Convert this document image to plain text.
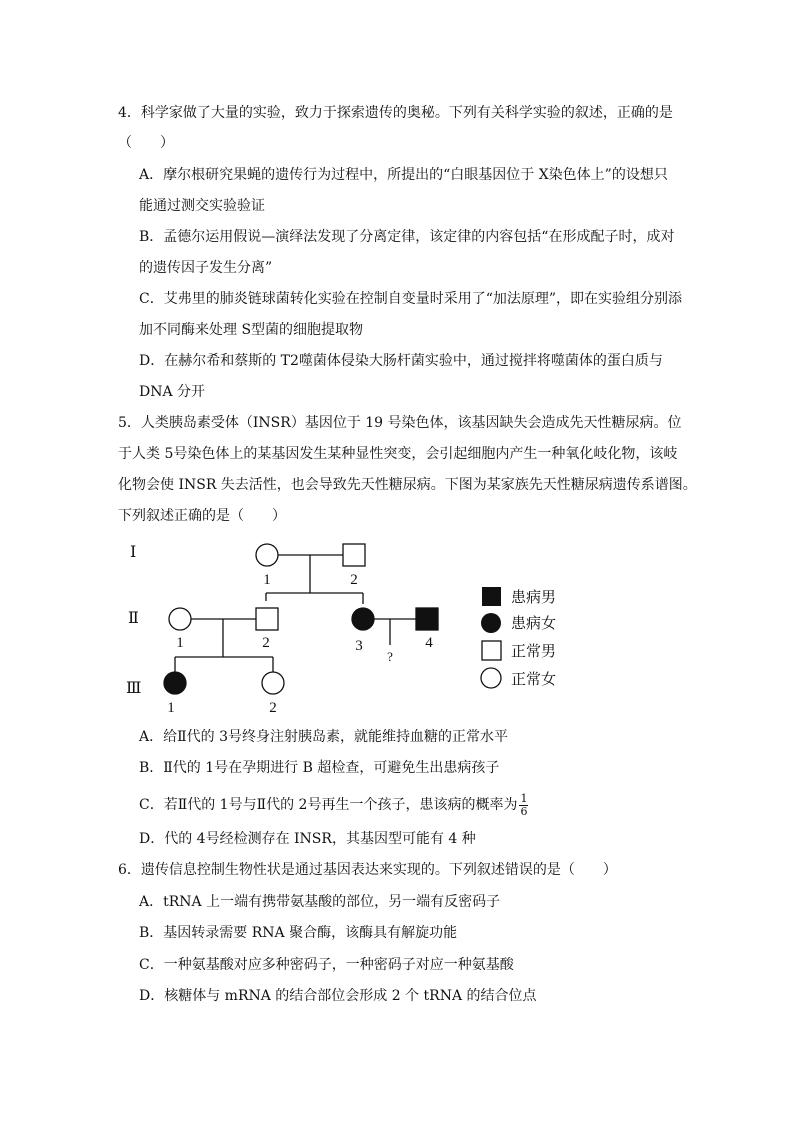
4．科学家做了大量的实验，致力于探索遗传的奥秘。下列有关科学实验的叙述，正确的是
（　　）
A．摩尔根研究果蝇的遗传行为过程中，所提出的“白眼基因位于 X染色体上”的设想只
能通过测交实验验证
B．孟德尔运用假说—演绎法发现了分离定律，该定律的内容包括“在形成配子时，成对
的遗传因子发生分离”
C．艾弗里的肺炎链球菌转化实验在控制自变量时采用了“加法原理”，即在实验组分别添
加不同酶来处理 S型菌的细胞提取物
D．在赫尔希和蔡斯的 T2噬菌体侵染大肠杆菌实验中，通过搅拌将噬菌体的蛋白质与
DNA 分开
5．人类胰岛素受体（INSR）基因位于 19 号染色体，该基因缺失会造成先天性糖尿病。位
于人类 5号染色体上的某基因发生某种显性突变，会引起细胞内产生一种氧化岐化物，该岐
化物会使 INSR 失去活性，也会导致先天性糖尿病。下图为某家族先天性糖尿病遗传系谱图。
下列叙述正确的是（　　）
Ⅰ
Ⅱ
Ⅲ
1	2
1	2	3	4
1	2
?
患病男
患病女
正常男
正常女
A．给Ⅱ代的 3号终身注射胰岛素，就能维持血糖的正常水平
B．Ⅱ代的 1号在孕期进行 B 超检查，可避免生出患病孩子
C．若Ⅱ代的 1号与Ⅱ代的 2号再生一个孩子，患该病的概率为 $\frac{1}{6}$
D．代的 4号经检测存在 INSR，其基因型可能有 4 种
6．遗传信息控制生物性状是通过基因表达来实现的。下列叙述错误的是（　　）
A．tRNA 上一端有携带氨基酸的部位，另一端有反密码子
B．基因转录需要 RNA 聚合酶，该酶具有解旋功能
C．一种氨基酸对应多种密码子，一种密码子对应一种氨基酸
D．核糖体与 mRNA 的结合部位会形成 2 个 tRNA 的结合位点
